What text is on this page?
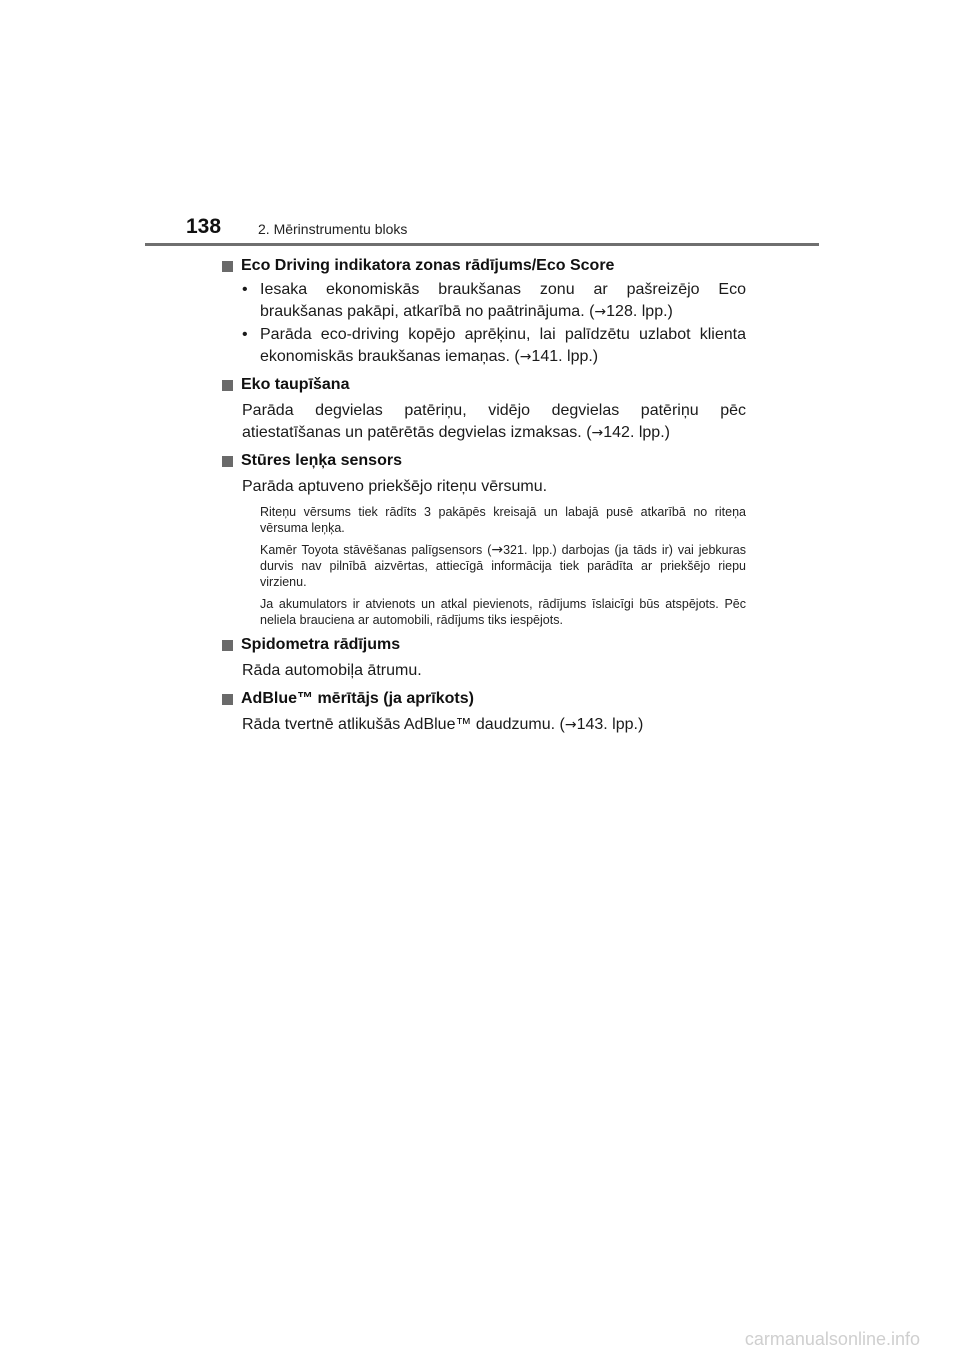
138	2. Mērinstrumentu bloks
Eco Driving indikatora zonas rādījums/Eco Score
• Iesaka ekonomiskās braukšanas zonu ar pašreizējo Eco braukšanas pakāpi, atkarībā no paātrinājuma. (→128. lpp.)
• Parāda eco-driving kopējo aprēķinu, lai palīdzētu uzlabot klienta ekonomiskās braukšanas iemaņas. (→141. lpp.)
Eko taupīšana

Parāda degvielas patēriņu, vidējo degvielas patēriņu pēc atiestatīšanas un patērētās degvielas izmaksas. (→142. lpp.)

Stūres leņķa sensors

Parāda aptuveno priekšējo riteņu vērsumu.

Riteņu vērsums tiek rādīts 3 pakāpēs kreisajā un labajā pusē atkarībā no riteņa vērsuma leņķa.

Kamēr Toyota stāvēšanas palīgsensors (→321. lpp.) darbojas (ja tāds ir) vai jebkuras durvis nav pilnībā aizvērtas, attiecīgā informācija tiek parādīta ar priekšējo riepu virzienu.

Ja akumulators ir atvienots un atkal pievienots, rādījums īslaicīgi būs atspējots. Pēc neliela brauciena ar automobili, rādījums tiks iespējots.

Spidometra rādījums

Rāda automobiļa ātrumu.

AdBlue™ mērītājs (ja aprīkots)

Rāda tvertnē atlikušās AdBlue™ daudzumu. (→143. lpp.)

carmanualsonline.info
